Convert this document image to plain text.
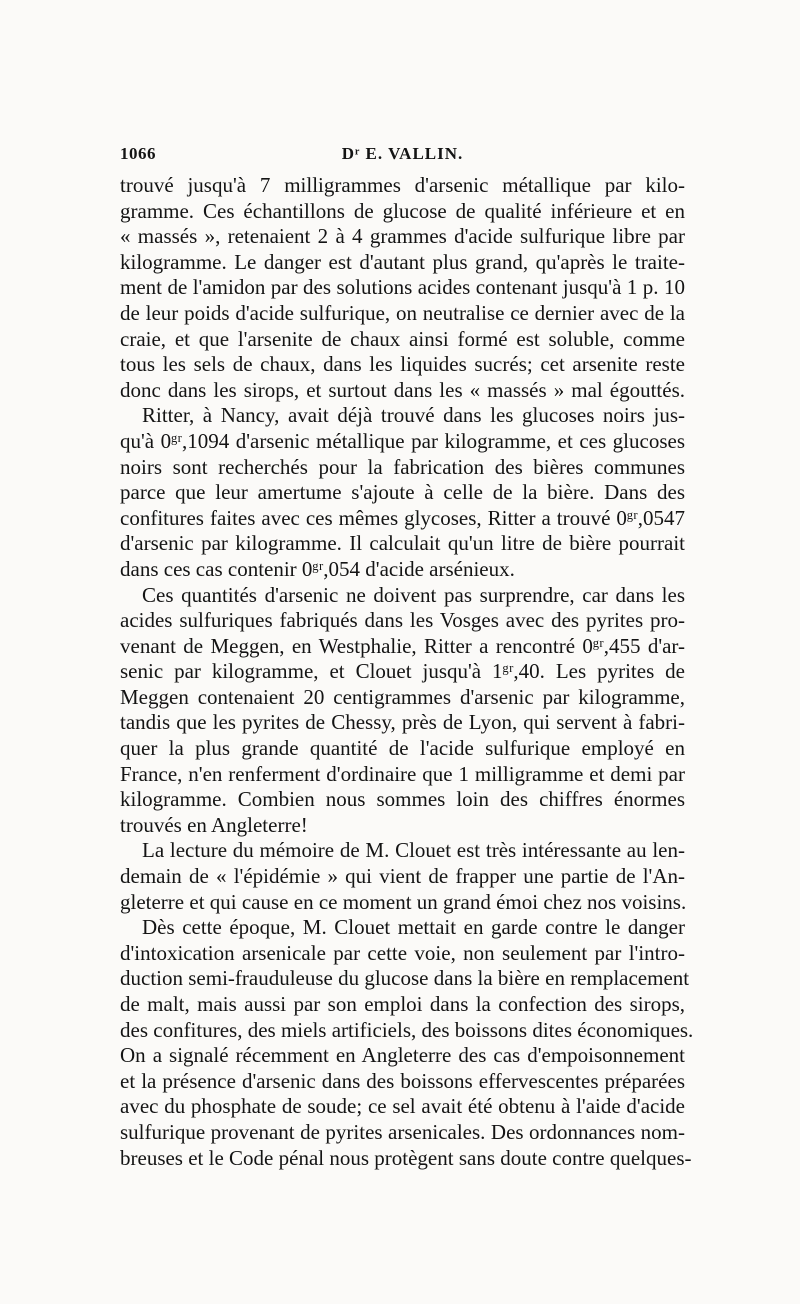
1066	Dʳ E. VALLIN.
trouvé jusqu'à 7 milligrammes d'arsenic métallique par kilo-
gramme. Ces échantillons de glucose de qualité inférieure et en
« massés », retenaient 2 à 4 grammes d'acide sulfurique libre par
kilogramme. Le danger est d'autant plus grand, qu'après le traite-
ment de l'amidon par des solutions acides contenant jusqu'à 1 p. 10
de leur poids d'acide sulfurique, on neutralise ce dernier avec de la
craie, et que l'arsenite de chaux ainsi formé est soluble, comme
tous les sels de chaux, dans les liquides sucrés; cet arsenite reste
donc dans les sirops, et surtout dans les « massés » mal égouttés.
Ritter, à Nancy, avait déjà trouvé dans les glucoses noirs jus-
qu'à 0ᵍʳ,1094 d'arsenic métallique par kilogramme, et ces glucoses
noirs sont recherchés pour la fabrication des bières communes
parce que leur amertume s'ajoute à celle de la bière. Dans des
confitures faites avec ces mêmes glycoses, Ritter a trouvé 0ᵍʳ,0547
d'arsenic par kilogramme. Il calculait qu'un litre de bière pourrait
dans ces cas contenir 0ᵍʳ,054 d'acide arsénieux.
Ces quantités d'arsenic ne doivent pas surprendre, car dans les
acides sulfuriques fabriqués dans les Vosges avec des pyrites pro-
venant de Meggen, en Westphalie, Ritter a rencontré 0ᵍʳ,455 d'ar-
senic par kilogramme, et Clouet jusqu'à 1ᵍʳ,40. Les pyrites de
Meggen contenaient 20 centigrammes d'arsenic par kilogramme,
tandis que les pyrites de Chessy, près de Lyon, qui servent à fabri-
quer la plus grande quantité de l'acide sulfurique employé en
France, n'en renferment d'ordinaire que 1 milligramme et demi par
kilogramme. Combien nous sommes loin des chiffres énormes
trouvés en Angleterre!
La lecture du mémoire de M. Clouet est très intéressante au len-
demain de « l'épidémie » qui vient de frapper une partie de l'An-
gleterre et qui cause en ce moment un grand émoi chez nos voisins.
Dès cette époque, M. Clouet mettait en garde contre le danger
d'intoxication arsenicale par cette voie, non seulement par l'intro-
duction semi-frauduleuse du glucose dans la bière en remplacement
de malt, mais aussi par son emploi dans la confection des sirops,
des confitures, des miels artificiels, des boissons dites économiques.
On a signalé récemment en Angleterre des cas d'empoisonnement
et la présence d'arsenic dans des boissons effervescentes préparées
avec du phosphate de soude; ce sel avait été obtenu à l'aide d'acide
sulfurique provenant de pyrites arsenicales. Des ordonnances nom-
breuses et le Code pénal nous protègent sans doute contre quelques-
